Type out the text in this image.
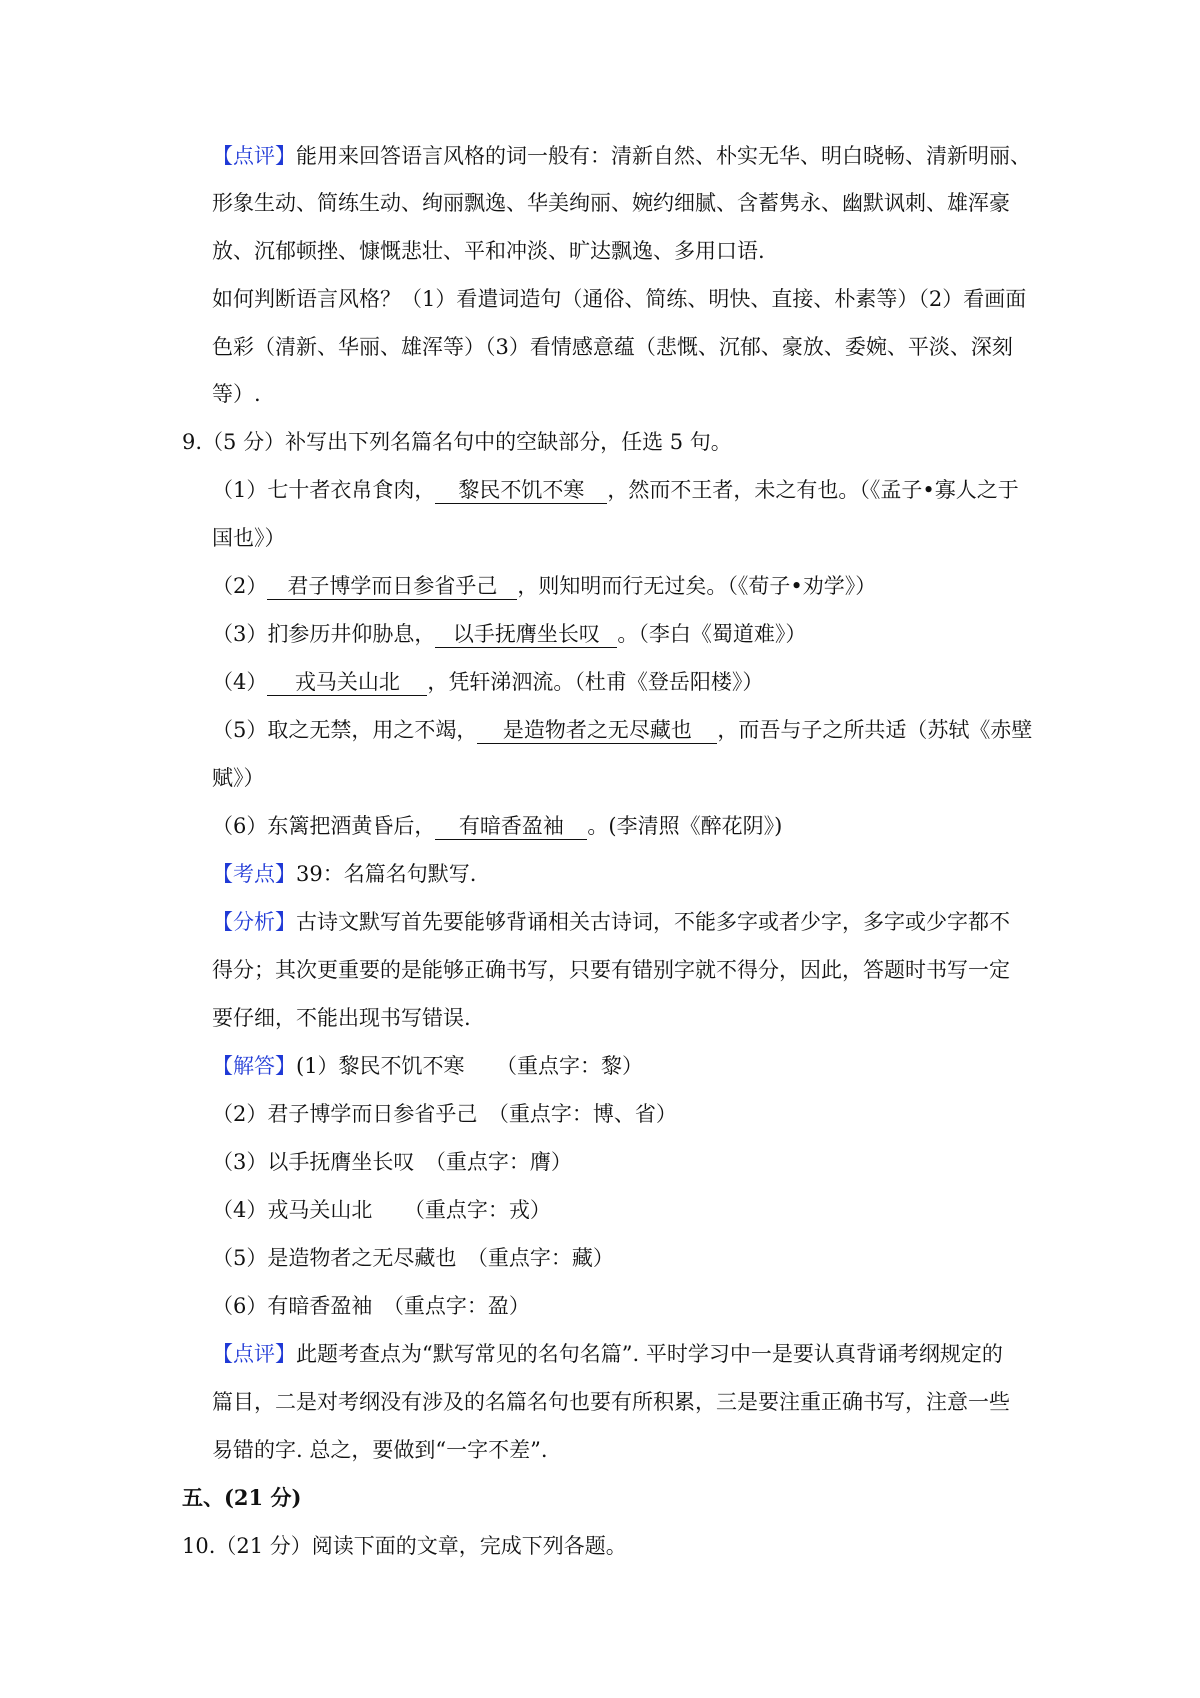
【点评】能用来回答语言风格的词一般有：清新自然、朴实无华、明白晓畅、清新明丽、
形象生动、简练生动、绚丽飘逸、华美绚丽、婉约细腻、含蓄隽永、幽默讽刺、雄浑豪
放、沉郁顿挫、慷慨悲壮、平和冲淡、旷达飘逸、多用口语.
如何判断语言风格？（1）看遣词造句（通俗、简练、明快、直接、朴素等）（2）看画面
色彩（清新、华丽、雄浑等）（3）看情感意蕴（悲慨、沉郁、豪放、委婉、平淡、深刻
等）.
9.（5 分）补写出下列名篇名句中的空缺部分，任选 5 句。
（1）七十者衣帛食肉， 黎民不饥不寒 ，然而不王者，未之有也。（《孟子•寡人之于
国也》）
（2） 君子博学而日参省乎己 ，则知明而行无过矣。（《荀子•劝学》）
（3）扪参历井仰胁息， 以手抚膺坐长叹 。（李白《蜀道难》）
（4） 戎马关山北 ，凭轩涕泗流。（杜甫《登岳阳楼》）
（5）取之无禁，用之不竭， 是造物者之无尽藏也 ，而吾与子之所共适（苏轼《赤壁
赋》）
（6）东篱把酒黄昏后， 有暗香盈袖 。(李清照《醉花阴》)
【考点】39：名篇名句默写.
【分析】古诗文默写首先要能够背诵相关古诗词，不能多字或者少字，多字或少字都不
得分；其次更重要的是能够正确书写，只要有错别字就不得分，因此，答题时书写一定
要仔细，不能出现书写错误.
【解答】(1）黎民不饥不寒　　（重点字：黎）
（2）君子博学而日参省乎己　（重点字：博、省）
（3）以手抚膺坐长叹　（重点字：膺）
（4）戎马关山北　　（重点字：戎）
（5）是造物者之无尽藏也　（重点字：藏）
（6）有暗香盈袖　（重点字：盈）
【点评】此题考查点为“默写常见的名句名篇”. 平时学习中一是要认真背诵考纲规定的
篇目，二是对考纲没有涉及的名篇名句也要有所积累，三是要注重正确书写，注意一些
易错的字. 总之，要做到“一字不差”.
五、(21 分)
10.（21 分）阅读下面的文章，完成下列各题。
